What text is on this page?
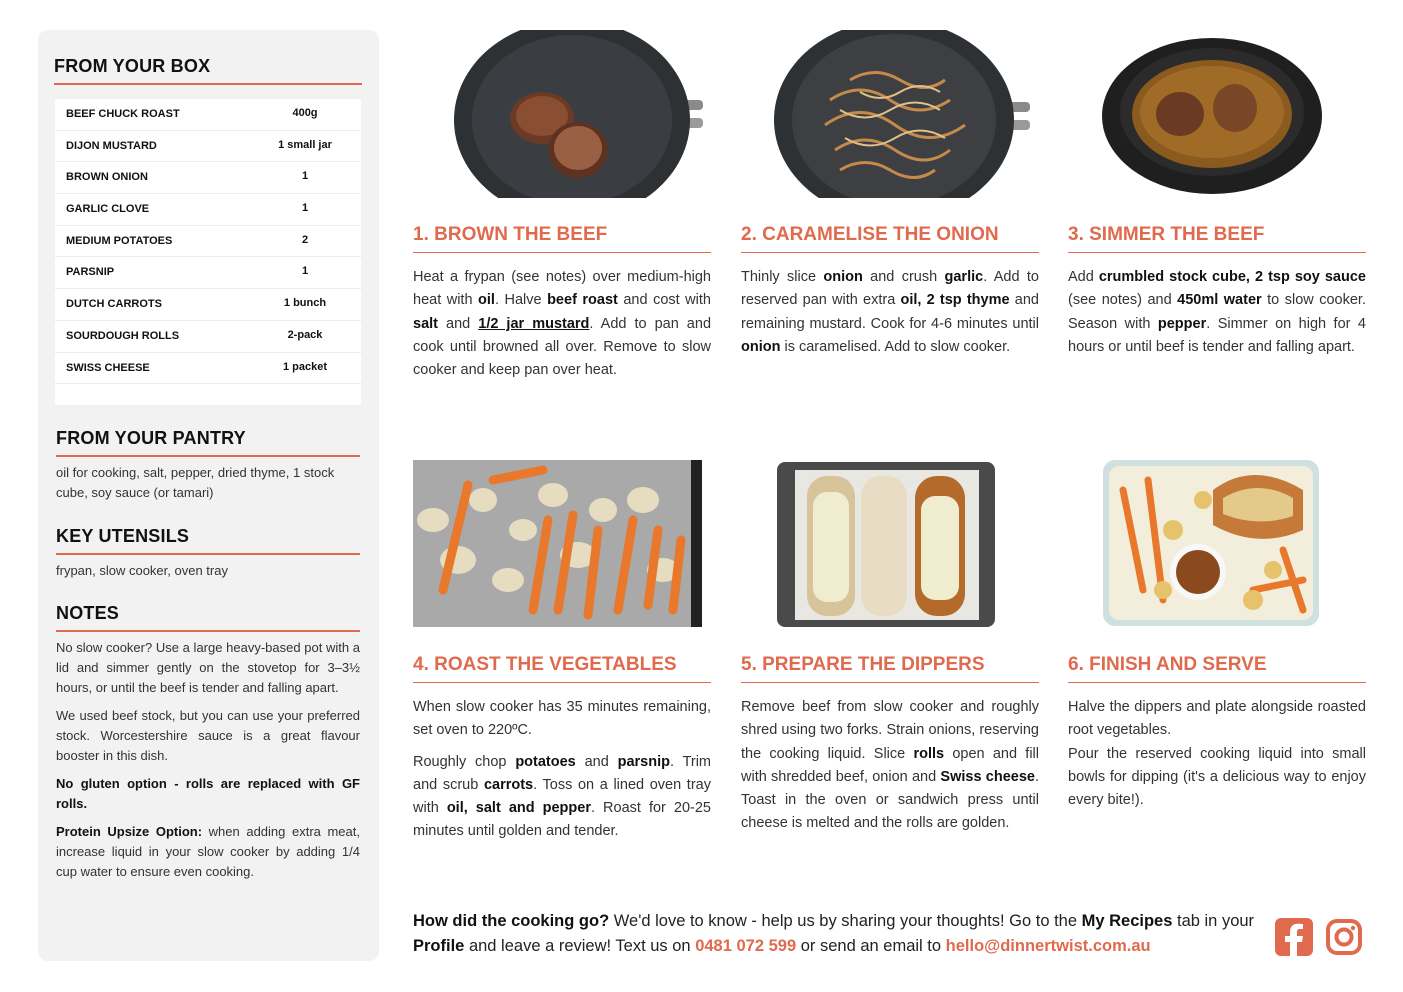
FROM YOUR BOX
BEEF CHUCK ROAST	400g
DIJON MUSTARD	1 small jar
BROWN ONION	1
GARLIC CLOVE	1
MEDIUM POTATOES	2
PARSNIP	1
DUTCH CARROTS	1 bunch
SOURDOUGH ROLLS	2-pack
SWISS CHEESE	1 packet
FROM YOUR PANTRY
oil for cooking, salt, pepper, dried thyme, 1 stock cube, soy sauce (or tamari)
KEY UTENSILS
frypan, slow cooker, oven tray
NOTES

No slow cooker? Use a large heavy-based pot with a lid and simmer gently on the stovetop for 3–3½ hours, or until the beef is tender and falling apart.

We used beef stock, but you can use your preferred stock. Worcestershire sauce is a great flavour booster in this dish.

No gluten option - rolls are replaced with GF rolls.

Protein Upsize Option: when adding extra meat, increase liquid in your slow cooker by adding 1/4 cup water to ensure even cooking.

1. BROWN THE BEEF

Heat a frypan (see notes) over medium-high heat with oil. Halve beef roast and cost with salt and 1/2 jar mustard. Add to pan and cook until browned all over. Remove to slow cooker and keep pan over heat.

2. CARAMELISE THE ONION

Thinly slice onion and crush garlic. Add to reserved pan with extra oil, 2 tsp thyme and remaining mustard. Cook for 4-6 minutes until onion is caramelised. Add to slow cooker.

3. SIMMER THE BEEF

Add crumbled stock cube, 2 tsp soy sauce (see notes) and 450ml water to slow cooker. Season with pepper. Simmer on high for 4 hours or until beef is tender and falling apart.

4. ROAST THE VEGETABLES

When slow cooker has 35 minutes remaining, set oven to 220ºC.

Roughly chop potatoes and parsnip. Trim and scrub carrots. Toss on a lined oven tray with oil, salt and pepper. Roast for 20-25 minutes until golden and tender.

5. PREPARE THE DIPPERS

Remove beef from slow cooker and roughly shred using two forks. Strain onions, reserving the cooking liquid. Slice rolls open and fill with shredded beef, onion and Swiss cheese. Toast in the oven or sandwich press until cheese is melted and the rolls are golden.

6. FINISH AND SERVE

Halve the dippers and plate alongside roasted root vegetables.
Pour the reserved cooking liquid into small bowls for dipping (it's a delicious way to enjoy every bite!).

How did the cooking go? We'd love to know - help us by sharing your thoughts! Go to the My Recipes tab in your Profile and leave a review! Text us on 0481 072 599 or send an email to hello@dinnertwist.com.au
